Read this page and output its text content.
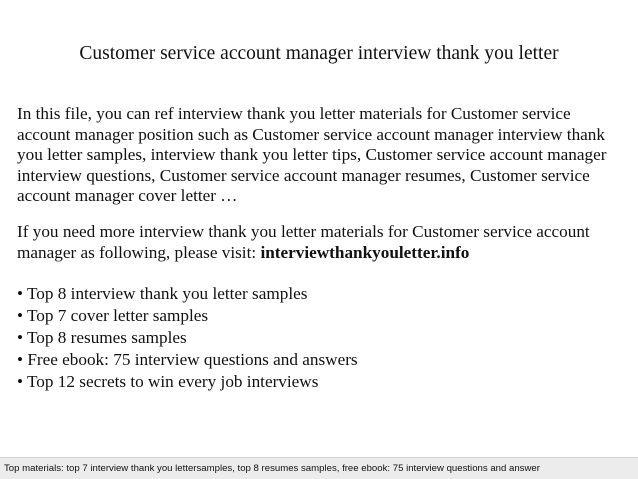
Customer service account manager interview thank you letter

In this file, you can ref interview thank you letter materials for Customer service account manager position such as Customer service account manager interview thank you letter samples, interview thank you letter tips, Customer service account manager interview questions, Customer service account manager resumes, Customer service account manager cover letter …

If you need more interview thank you letter materials for Customer service account manager as following, please visit: interviewthankyouletter.info

• Top 8 interview thank you letter samples
• Top 7 cover letter samples
• Top 8 resumes samples
• Free ebook: 75 interview questions and answers
• Top 12 secrets to win every job interviews
Top materials: top 7 interview thank you lettersamples, top 8 resumes samples, free ebook: 75 interview questions and answer
